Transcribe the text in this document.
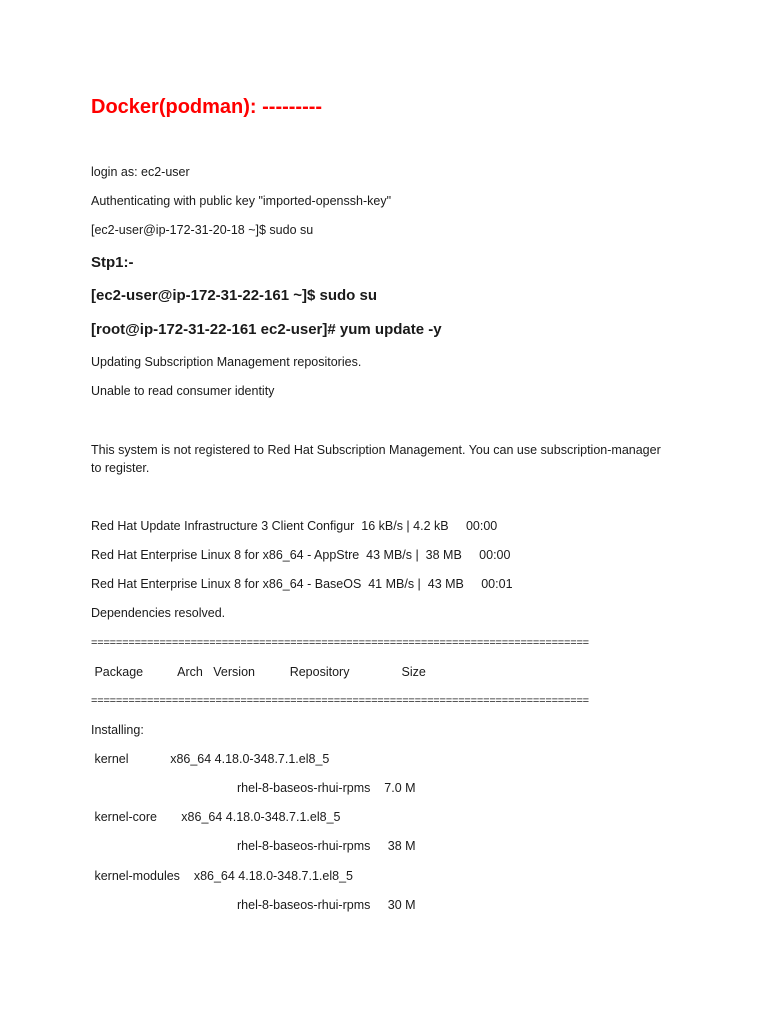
Docker(podman): ---------
login as: ec2-user
Authenticating with public key "imported-openssh-key"
[ec2-user@ip-172-31-20-18 ~]$ sudo su
Stp1:-
[ec2-user@ip-172-31-22-161 ~]$ sudo su
[root@ip-172-31-22-161 ec2-user]# yum update -y
Updating Subscription Management repositories.
Unable to read consumer identity
This system is not registered to Red Hat Subscription Management. You can use subscription-manager to register.
Red Hat Update Infrastructure 3 Client Configur  16 kB/s | 4.2 kB     00:00
Red Hat Enterprise Linux 8 for x86_64 - AppStre  43 MB/s |  38 MB     00:00
Red Hat Enterprise Linux 8 for x86_64 - BaseOS  41 MB/s |  43 MB     00:01
Dependencies resolved.
================================================================================
Package          Arch   Version          Repository               Size
================================================================================
Installing:
kernel            x86_64 4.18.0-348.7.1.el8_5
rhel-8-baseos-rhui-rpms    7.0 M
kernel-core       x86_64 4.18.0-348.7.1.el8_5
rhel-8-baseos-rhui-rpms     38 M
kernel-modules    x86_64 4.18.0-348.7.1.el8_5
rhel-8-baseos-rhui-rpms     30 M
